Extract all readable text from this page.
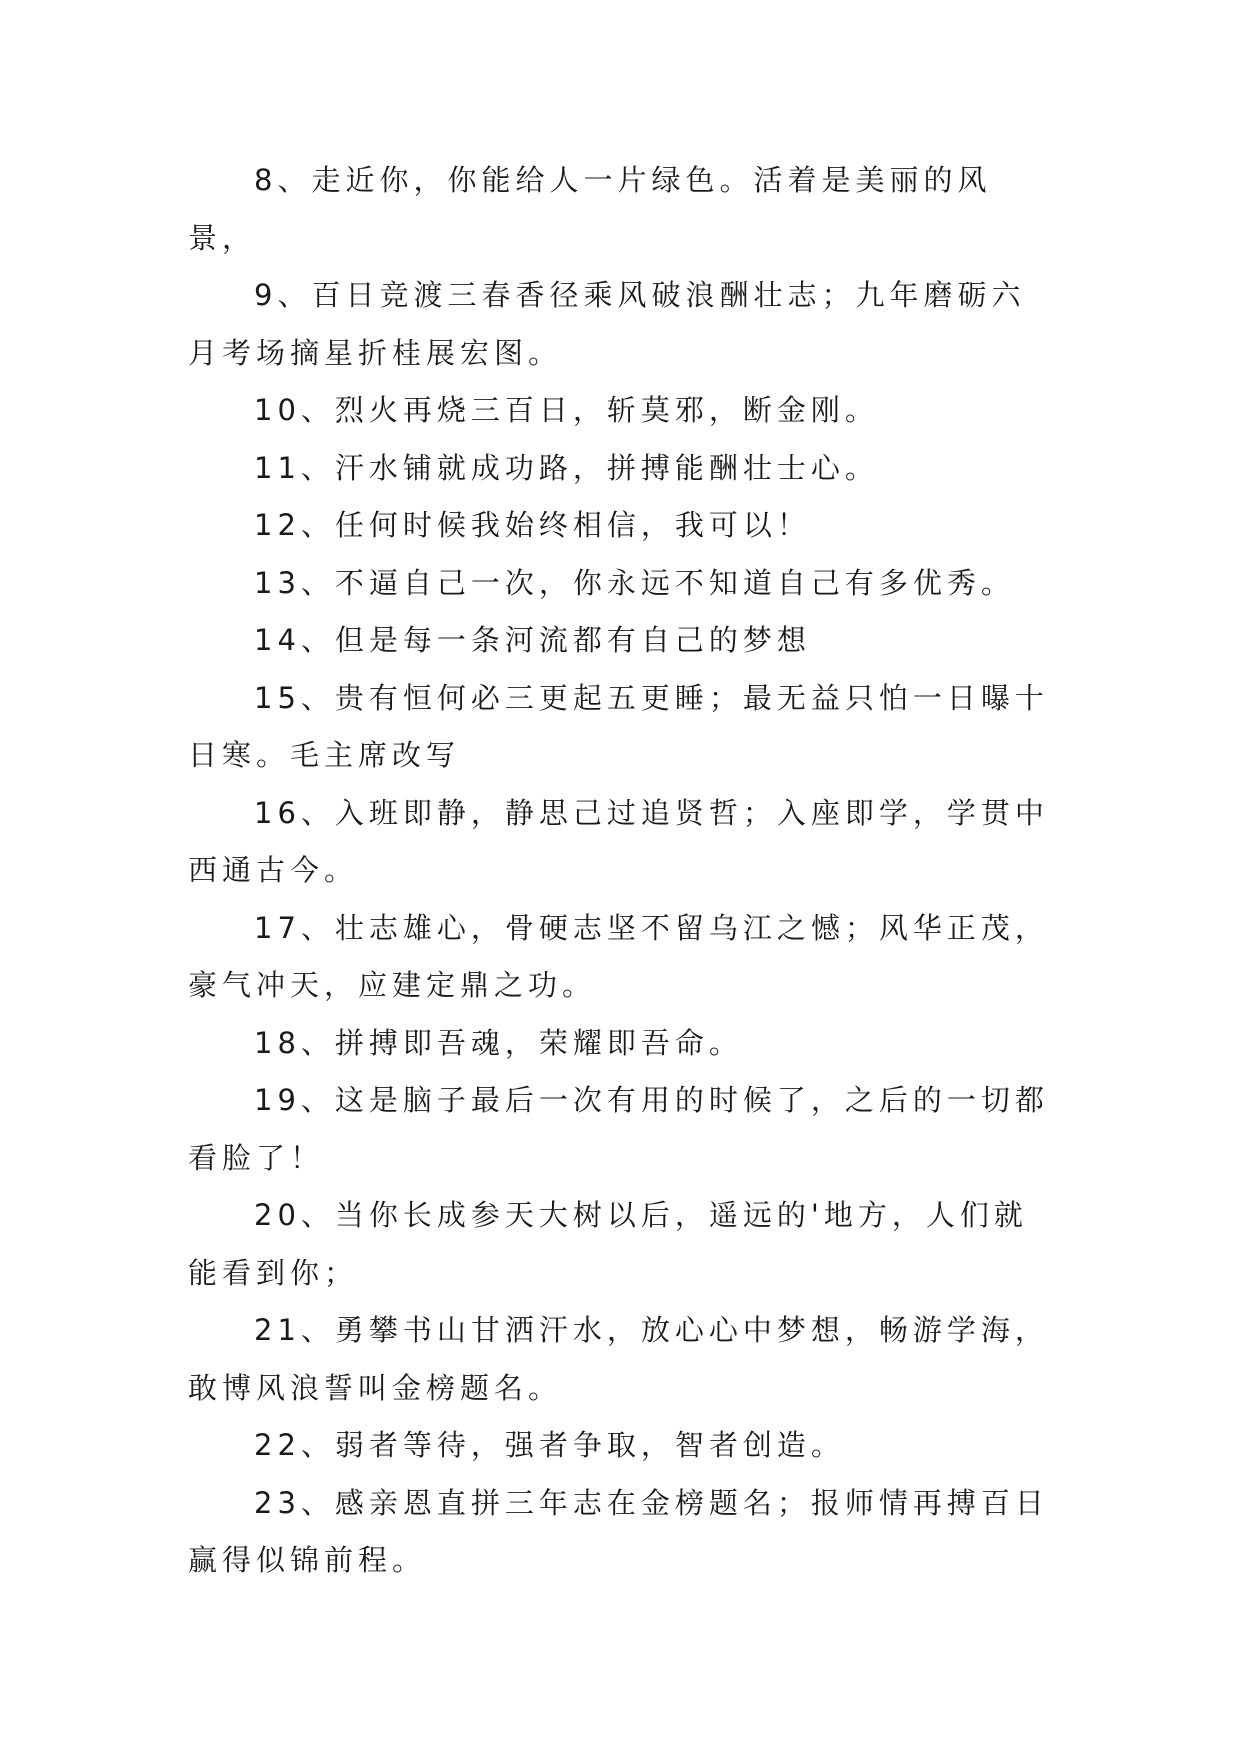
8、走近你，你能给人一片绿色。活着是美丽的风景，

9、百日竞渡三春香径乘风破浪酬壮志；九年磨砺六月考场摘星折桂展宏图。

10、烈火再烧三百日，斩莫邪，断金刚。

11、汗水铺就成功路，拼搏能酬壮士心。

12、任何时候我始终相信，我可以！

13、不逼自己一次，你永远不知道自己有多优秀。

14、但是每一条河流都有自己的梦想

15、贵有恒何必三更起五更睡；最无益只怕一日曝十日寒。毛主席改写

16、入班即静，静思己过追贤哲；入座即学，学贯中西通古今。

17、壮志雄心，骨硬志坚不留乌江之憾；风华正茂，豪气冲天，应建定鼎之功。

18、拼搏即吾魂，荣耀即吾命。

19、这是脑子最后一次有用的时候了，之后的一切都看脸了！

20、当你长成参天大树以后，遥远的'地方，人们就能看到你；

21、勇攀书山甘洒汗水，放心心中梦想，畅游学海，敢博风浪誓叫金榜题名。

22、弱者等待，强者争取，智者创造。

23、感亲恩直拼三年志在金榜题名；报师情再搏百日赢得似锦前程。
